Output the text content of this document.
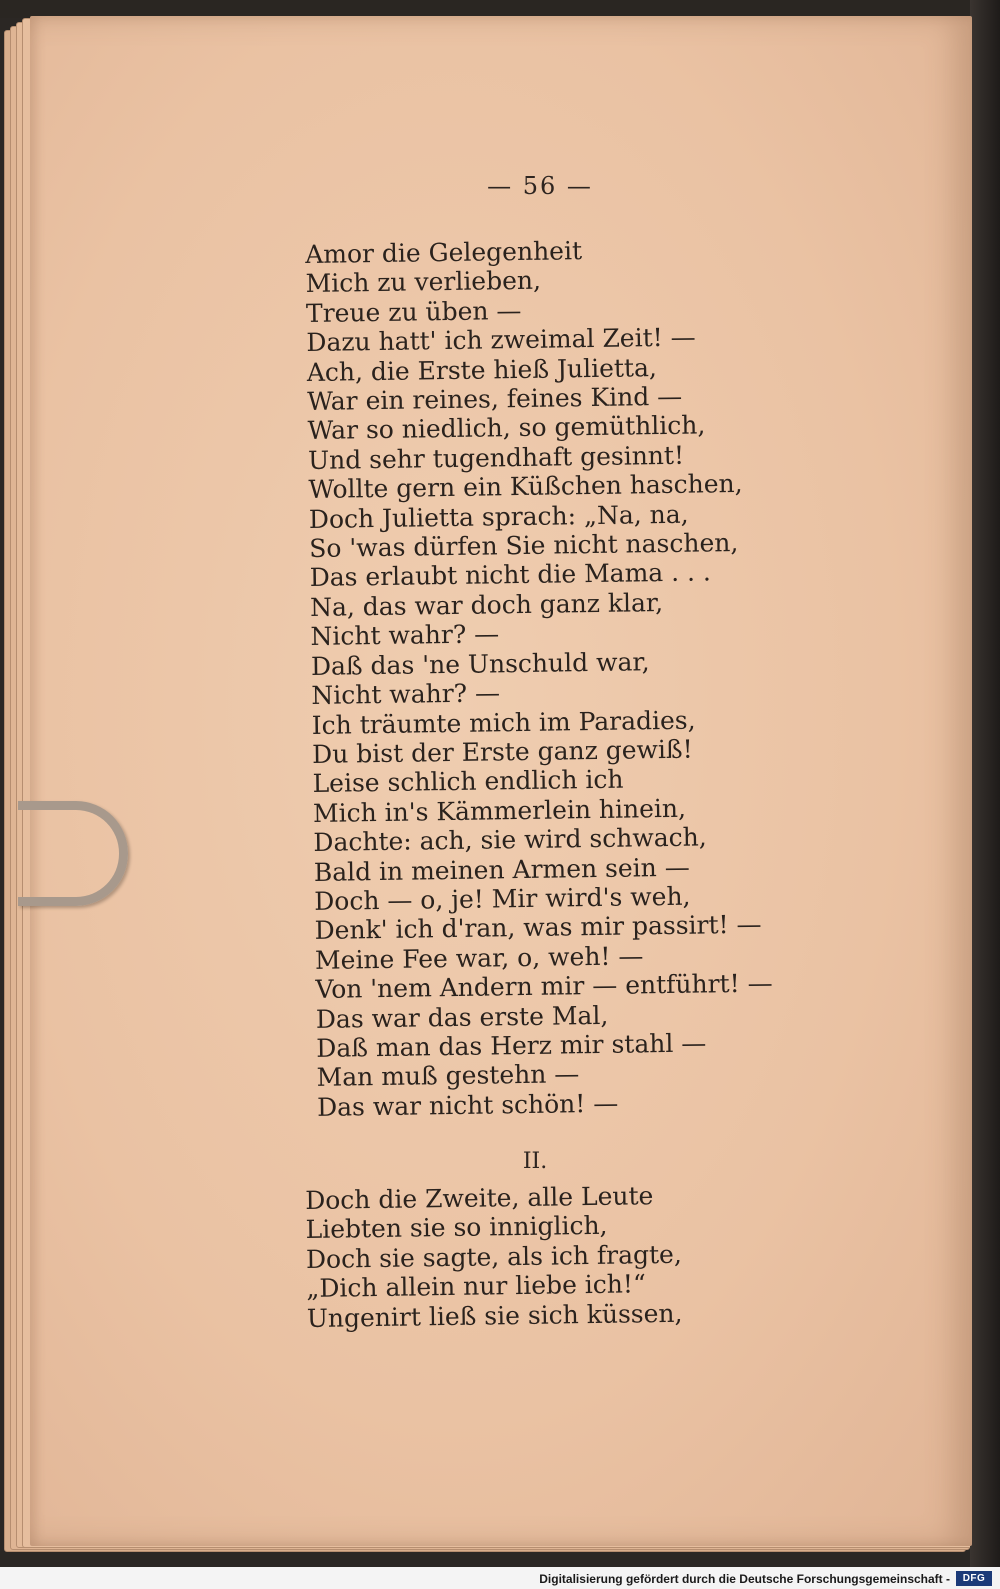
— 56 —
Amor die Gelegenheit
Mich zu verlieben,
Treue zu üben —
Dazu hatt' ich zweimal Zeit! —
Ach, die Erste hieß Julietta,
War ein reines, feines Kind —
War so niedlich, so gemüthlich,
Und sehr tugendhaft gesinnt!
Wollte gern ein Küßchen haschen,
Doch Julietta sprach: „Na, na,
So 'was dürfen Sie nicht naschen,
Das erlaubt nicht die Mama . . .
Na, das war doch ganz klar,
Nicht wahr? —
Daß das 'ne Unschuld war,
Nicht wahr? —
Ich träumte mich im Paradies,
Du bist der Erste ganz gewiß!
Leise schlich endlich ich
Mich in's Kämmerlein hinein,
Dachte: ach, sie wird schwach,
Bald in meinen Armen sein —
Doch — o, je! Mir wird's weh,
Denk' ich d'ran, was mir passirt! —
Meine Fee war, o, weh! —
Von 'nem Andern mir — entführt! —
Das war das erste Mal,
Daß man das Herz mir stahl —
Man muß gestehn —
Das war nicht schön! —
II.
Doch die Zweite, alle Leute
Liebten sie so inniglich,
Doch sie sagte, als ich fragte,
„Dich allein nur liebe ich!“
Ungenirt ließ sie sich küssen,
Digitalisierung gefördert durch die Deutsche Forschungsgemeinschaft -	DFG
